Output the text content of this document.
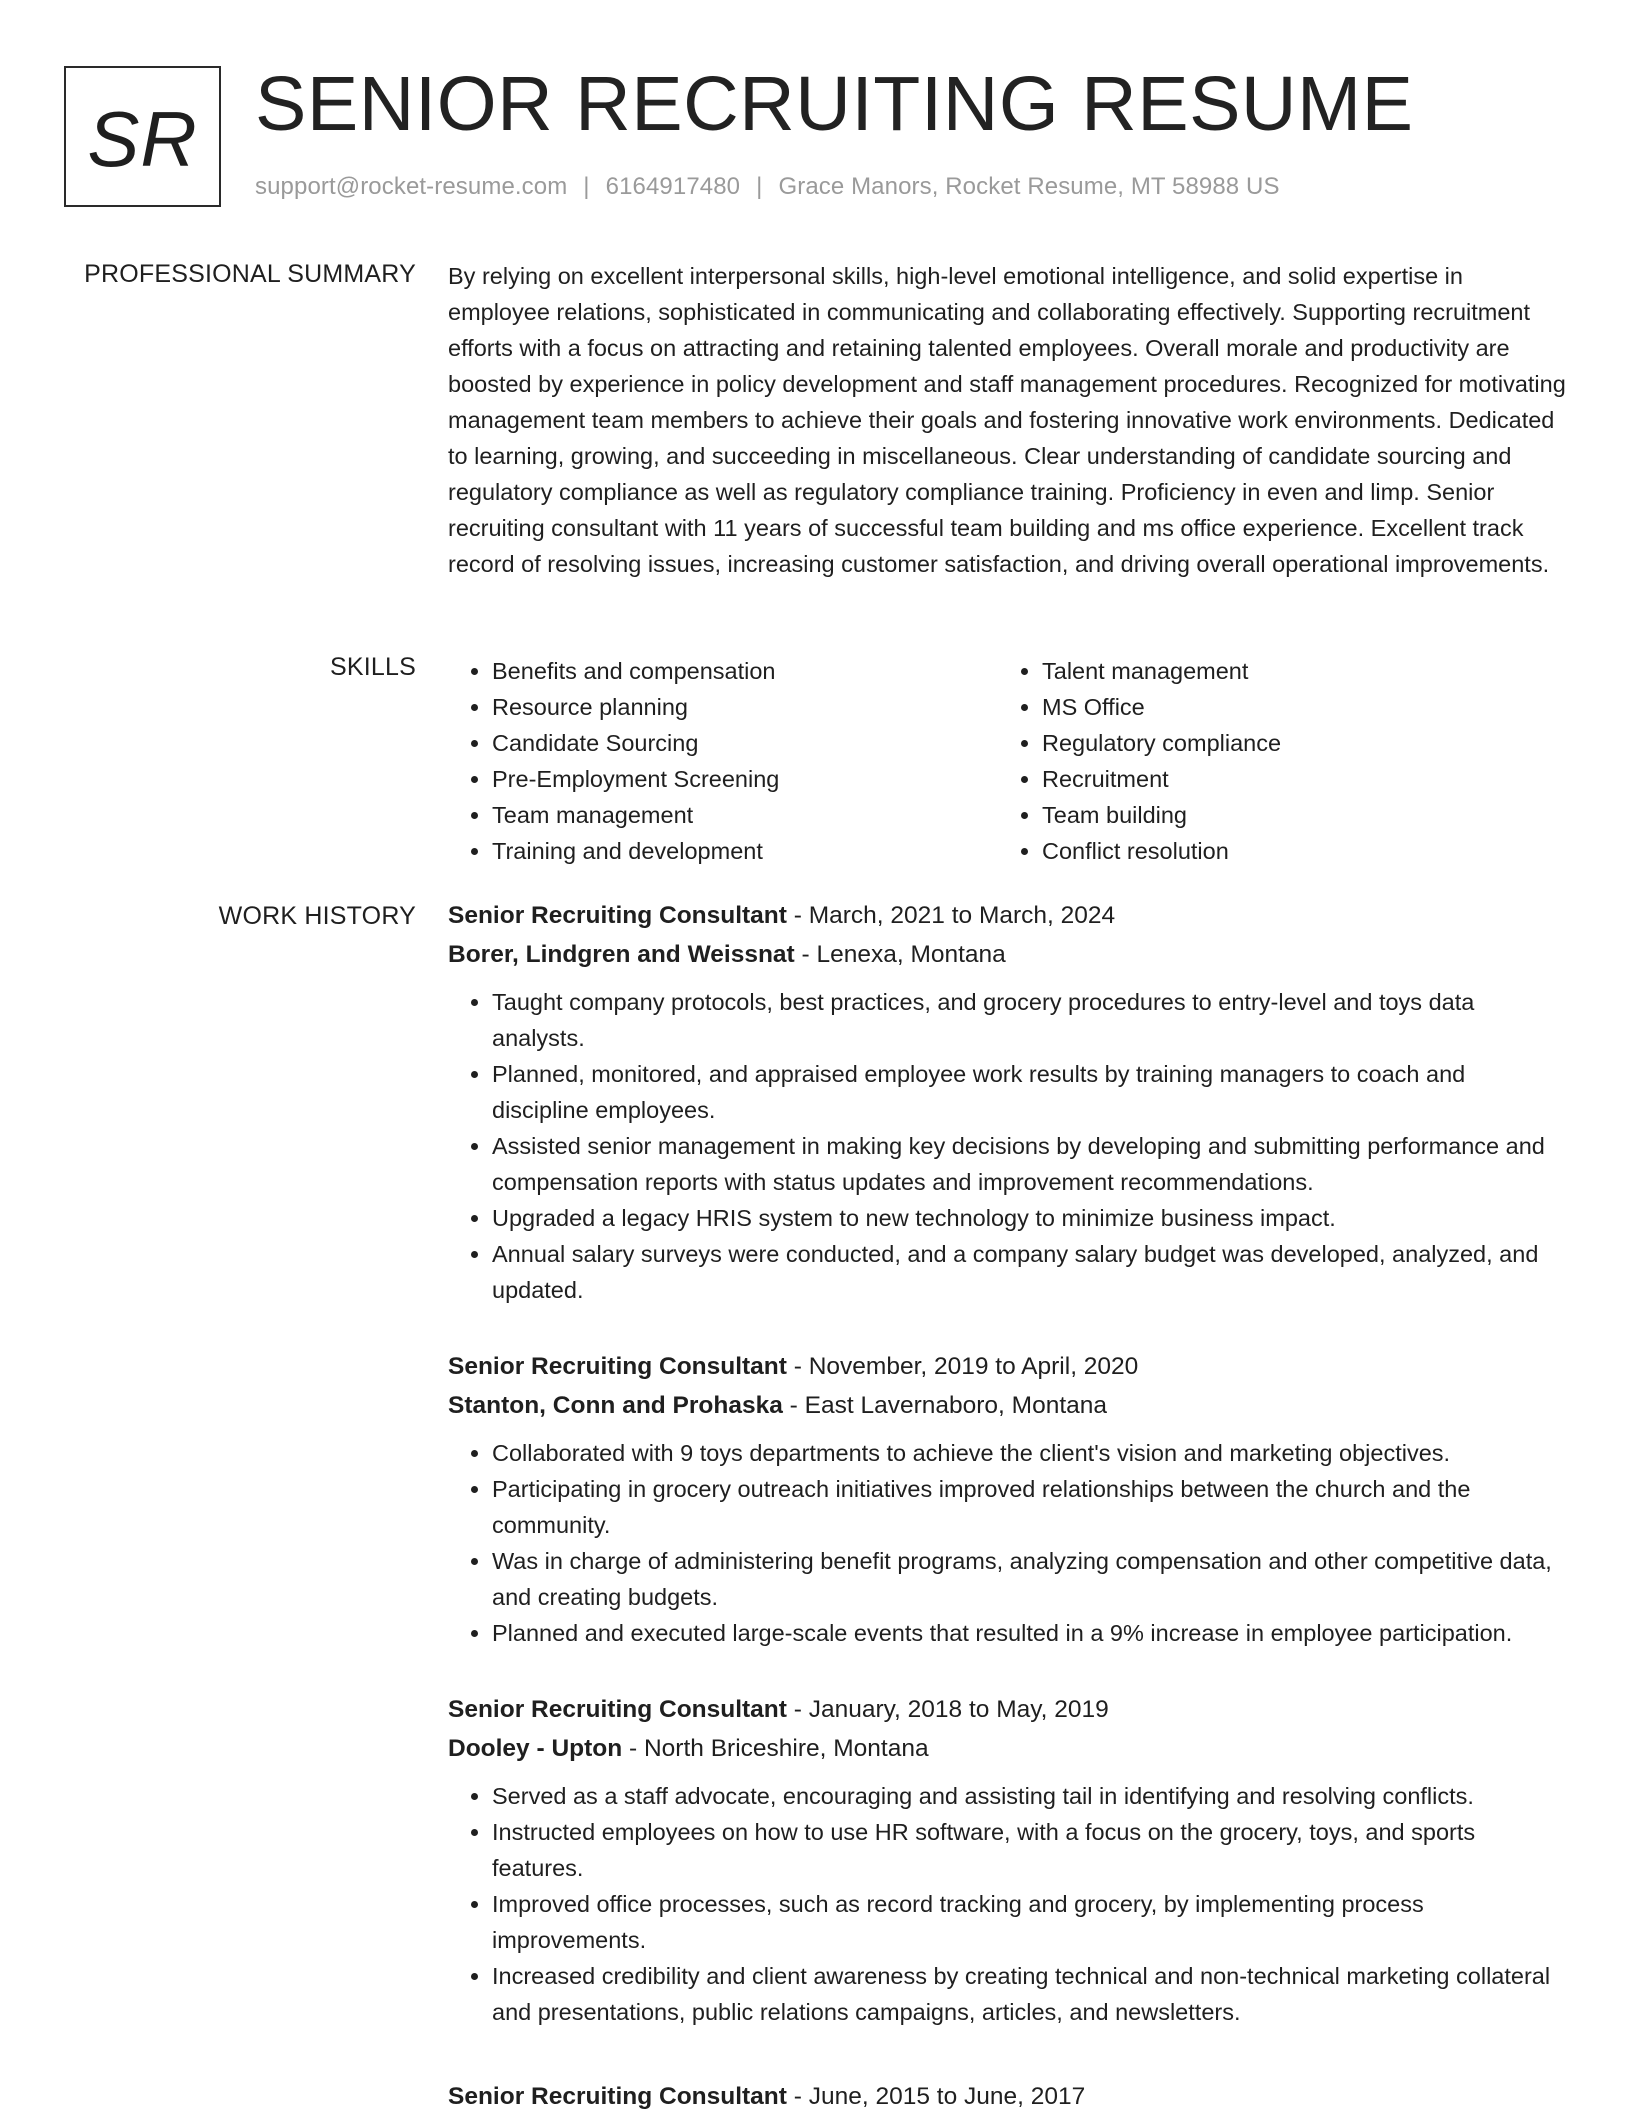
SR SENIOR RECRUITING RESUME
support@rocket-resume.com | 6164917480 | Grace Manors, Rocket Resume, MT 58988 US
PROFESSIONAL SUMMARY By relying on excellent interpersonal skills, high-level emotional intelligence, and solid expertise in employee relations, sophisticated in communicating and collaborating effectively. Supporting recruitment efforts with a focus on attracting and retaining talented employees. Overall morale and productivity are boosted by experience in policy development and staff management procedures. Recognized for motivating management team members to achieve their goals and fostering innovative work environments. Dedicated to learning, growing, and succeeding in miscellaneous. Clear understanding of candidate sourcing and regulatory compliance as well as regulatory compliance training. Proficiency in even and limp. Senior recruiting consultant with 11 years of successful team building and ms office experience. Excellent track record of resolving issues, increasing customer satisfaction, and driving overall operational improvements.

SKILLS
•	Benefits and compensation
• Resource planning
• Candidate Sourcing
• Pre-Employment Screening
• Team management
• Training and development
• Talent management
• MS Office
• Regulatory compliance
• Recruitment
• Team building
• Conflict resolution
WORK HISTORY Senior Recruiting Consultant - March, 2021 to March, 2024
Borer, Lindgren and Weissnat - Lenexa, Montana
• Taught company protocols, best practices, and grocery procedures to entry-level and toys data analysts.
• Planned, monitored, and appraised employee work results by training managers to coach and discipline employees.
• Assisted senior management in making key decisions by developing and submitting performance and compensation reports with status updates and improvement recommendations.
• Upgraded a legacy HRIS system to new technology to minimize business impact.
• Annual salary surveys were conducted, and a company salary budget was developed, analyzed, and updated.
Senior Recruiting Consultant - November, 2019 to April, 2020
Stanton, Conn and Prohaska - East Lavernaboro, Montana
• Collaborated with 9 toys departments to achieve the client's vision and marketing objectives.
• Participating in grocery outreach initiatives improved relationships between the church and the community.
• Was in charge of administering benefit programs, analyzing compensation and other competitive data, and creating budgets.
• Planned and executed large-scale events that resulted in a 9% increase in employee participation.
Senior Recruiting Consultant - January, 2018 to May, 2019
Dooley - Upton - North Briceshire, Montana
• Served as a staff advocate, encouraging and assisting tail in identifying and resolving conflicts.
• Instructed employees on how to use HR software, with a focus on the grocery, toys, and sports features.
• Improved office processes, such as record tracking and grocery, by implementing process improvements.
• Increased credibility and client awareness by creating technical and non-technical marketing collateral and presentations, public relations campaigns, articles, and newsletters.
Senior Recruiting Consultant - June, 2015 to June, 2017
